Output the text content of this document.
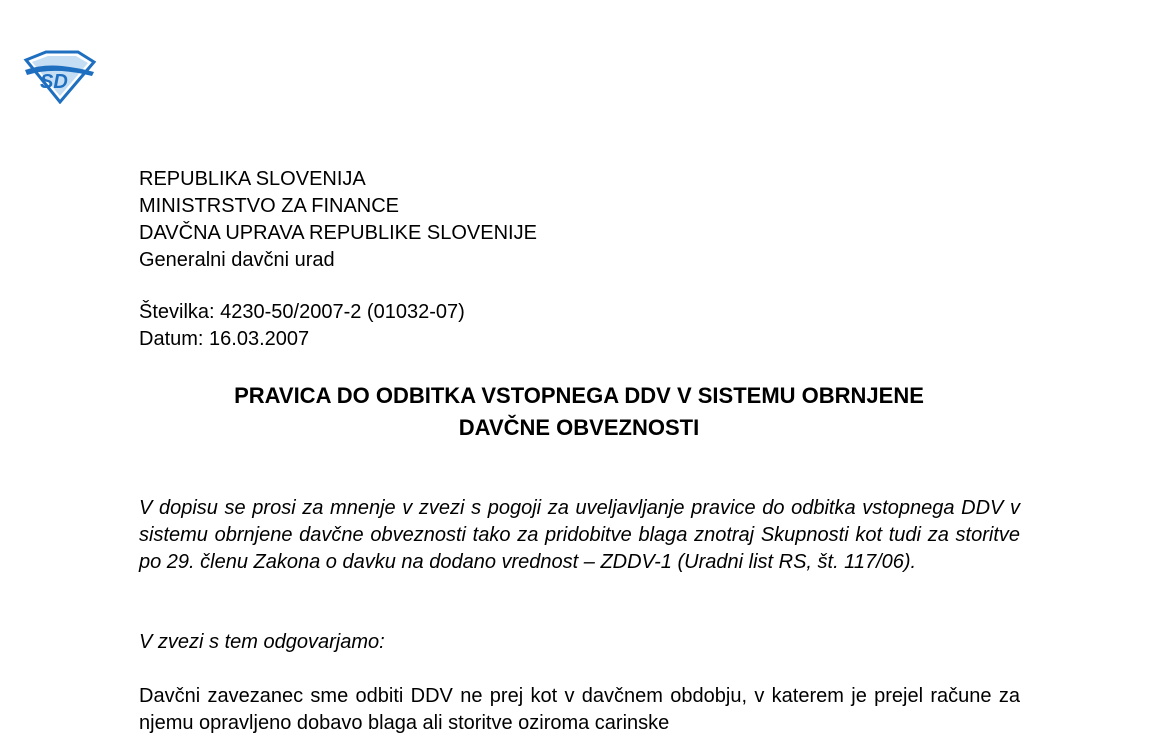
SD
REPUBLIKA SLOVENIJA
MINISTRSTVO ZA FINANCE
DAVČNA UPRAVA REPUBLIKE SLOVENIJE
Generalni davčni urad
Številka: 4230-50/2007-2 (01032-07)
Datum: 16.03.2007
PRAVICA DO ODBITKA VSTOPNEGA DDV V SISTEMU OBRNJENE
DAVČNE OBVEZNOSTI
V dopisu se prosi za mnenje v zvezi s pogoji za uveljavljanje pravice do odbitka vstopnega DDV v sistemu obrnjene davčne obveznosti tako za pridobitve blaga znotraj Skupnosti kot tudi za storitve po 29. členu Zakona o davku na dodano vrednost – ZDDV-1 (Uradni list RS, št. 117/06).
V zvezi s tem odgovarjamo:
Davčni zavezanec sme odbiti DDV ne prej kot v davčnem obdobju, v katerem je prejel račune za njemu opravljeno dobavo blaga ali storitve oziroma carinske
